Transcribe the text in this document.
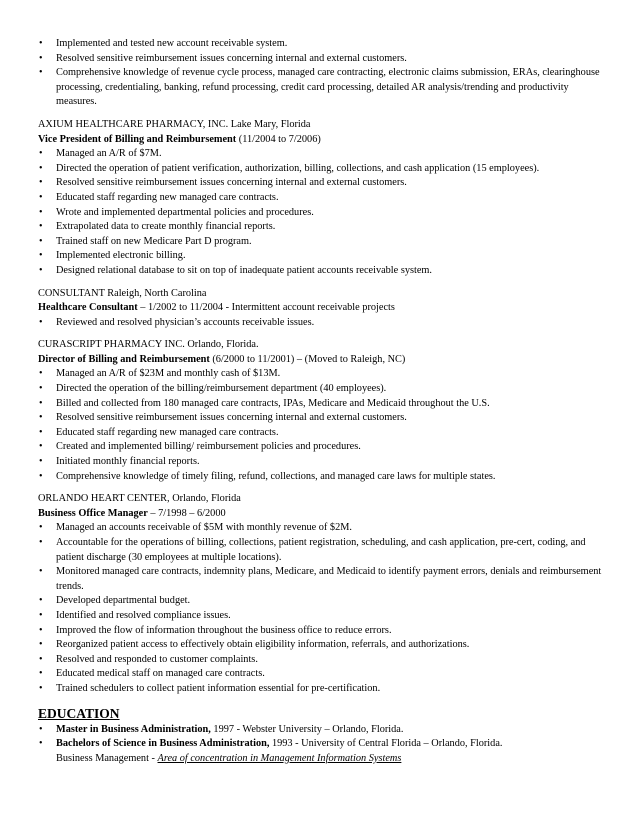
• Implemented and tested new account receivable system.
• Resolved sensitive reimbursement issues concerning internal and external customers.
• Comprehensive knowledge of revenue cycle process, managed care contracting, electronic claims submission, ERAs, clearinghouse processing, credentialing, banking, refund processing, credit card processing, detailed AR analysis/trending and productivity measures.
AXIUM HEALTHCARE PHARMACY, INC. Lake Mary, Florida
Vice President of Billing and Reimbursement (11/2004 to 7/2006)
• Managed an A/R of $7M.
• Directed the operation of patient verification, authorization, billing, collections, and cash application (15 employees).
• Resolved sensitive reimbursement issues concerning internal and external customers.
• Educated staff regarding new managed care contracts.
• Wrote and implemented departmental policies and procedures.
• Extrapolated data to create monthly financial reports.
• Trained staff on new Medicare Part D program.
• Implemented electronic billing.
• Designed relational database to sit on top of inadequate patient accounts receivable system.
CONSULTANT Raleigh, North Carolina
Healthcare Consultant – 1/2002 to 11/2004 - Intermittent account receivable projects
• Reviewed and resolved physician’s accounts receivable issues.
CURASCRIPT PHARMACY INC. Orlando, Florida.
Director of Billing and Reimbursement (6/2000 to 11/2001) – (Moved to Raleigh, NC)
• Managed an A/R of $23M and monthly cash of $13M.
• Directed the operation of the billing/reimbursement department (40 employees).
• Billed and collected from 180 managed care contracts, IPAs, Medicare and Medicaid throughout the U.S.
• Resolved sensitive reimbursement issues concerning internal and external customers.
• Educated staff regarding new managed care contracts.
• Created and implemented billing/ reimbursement policies and procedures.
• Initiated monthly financial reports.
• Comprehensive knowledge of timely filing, refund, collections, and managed care laws for multiple states.
ORLANDO HEART CENTER, Orlando, Florida
Business Office Manager – 7/1998 – 6/2000
• Managed an accounts receivable of $5M with monthly revenue of $2M.
• Accountable for the operations of billing, collections, patient registration, scheduling, and cash application, pre-cert, coding, and patient discharge (30 employees at multiple locations).
• Monitored managed care contracts, indemnity plans, Medicare, and Medicaid to identify payment errors, denials and reimbursement trends.
• Developed departmental budget.
• Identified and resolved compliance issues.
• Improved the flow of information throughout the business office to reduce errors.
• Reorganized patient access to effectively obtain eligibility information, referrals, and authorizations.
• Resolved and responded to customer complaints.
• Educated medical staff on managed care contracts.
• Trained schedulers to collect patient information essential for pre-certification.
EDUCATION
• Master in Business Administration, 1997 - Webster University – Orlando, Florida.
• Bachelors of Science in Business Administration, 1993 - University of Central Florida – Orlando, Florida.
Business Management - Area of concentration in Management Information Systems
